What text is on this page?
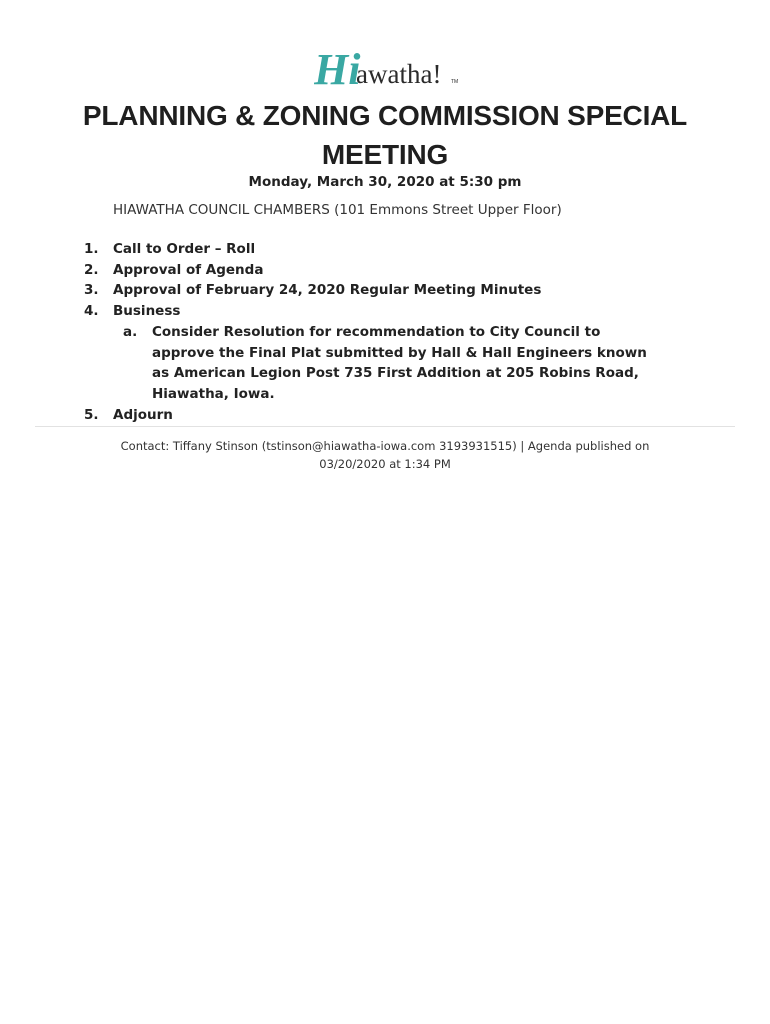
Hi
awatha! TM
PLANNING & ZONING COMMISSION SPECIAL MEETING
Monday, March 30, 2020 at 5:30 pm
HIAWATHA COUNCIL CHAMBERS (101 Emmons Street Upper Floor)
1.	Call to Order – Roll
2.	Approval of Agenda
3.	Approval of February 24, 2020 Regular Meeting Minutes
4.	Business
a.	Consider Resolution for recommendation to City Council to approve the Final Plat submitted by Hall & Hall Engineers known as American Legion Post 735 First Addition at 205 Robins Road, Hiawatha, Iowa.
5.	Adjourn
Contact: Tiffany Stinson (tstinson@hiawatha-iowa.com 3193931515) | Agenda published on 03/20/2020 at 1:34 PM
